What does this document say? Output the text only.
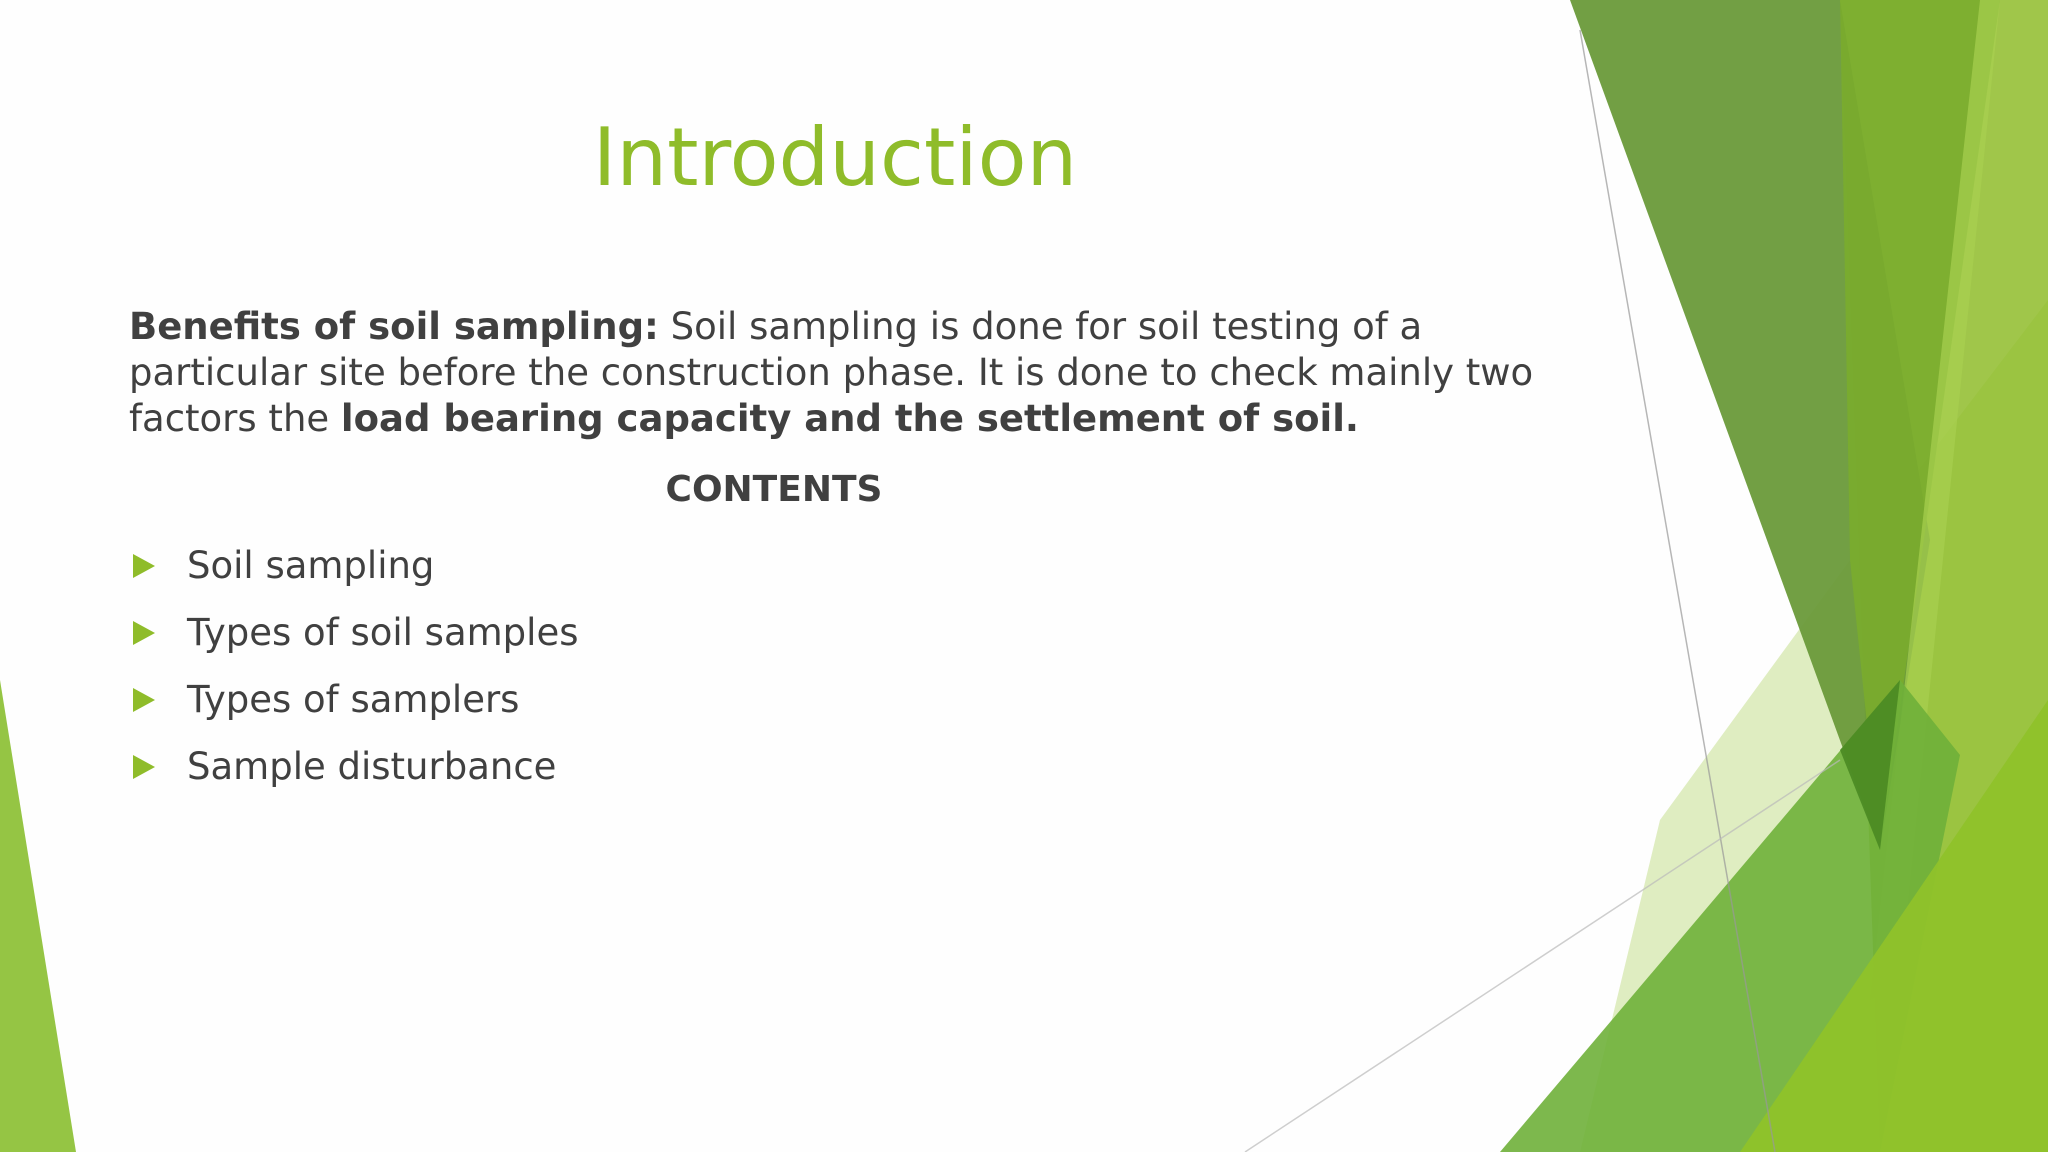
Introduction
Benefits of soil sampling: Soil sampling is done for soil testing of a particular site before the construction phase. It is done to check mainly two factors the load bearing capacity and the settlement of soil.
CONTENTS
Soil sampling
Types of soil samples
Types of samplers
Sample disturbance
